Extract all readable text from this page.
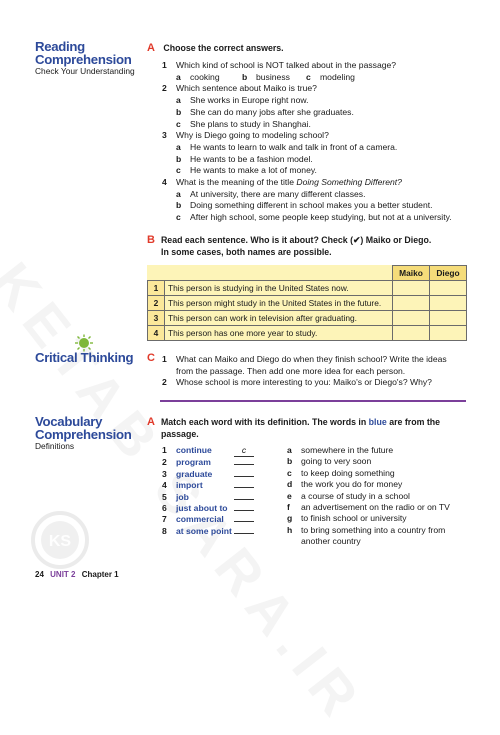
Reading
Comprehension
Check Your Understanding
A Choose the correct answers.
1 Which kind of school is NOT talked about in the passage?
a cooking	b business c modeling
2 Which sentence about Maiko is true?
a She works in Europe right now.
b She can do many jobs after she graduates.
c She plans to study in Shanghai.
3 Why is Diego going to modeling school?
a He wants to learn to walk and talk in front of a camera.
b He wants to be a fashion model.
c He wants to make a lot of money.
4 What is the meaning of the title Doing Something Different?
a At university, there are many different classes.
b Doing something different in school makes you a better student.
c After high school, some people keep studying, but not at a university.
B Read each sentence. Who is it about? Check (✔) Maiko or Diego.
In some cases, both names are possible.
		Maiko	Diego
1	This person is studying in the United States now.		
2	This person might study in the United States in the future.		
3	This person can work in television after graduating.		
4	This person has one more year to study.		
Critical Thinking C 1 What can Maiko and Diego do when they finish school? Write the ideas
from the passage. Then add one more idea for each person.
2 Whose school is more interesting to you: Maiko's or Diego's? Why?
Vocabulary
Comprehension
Definitions
A Match each word with its definition. The words in blue are from the
passage.
1 continue	c
2 program
3 graduate
4 import
5 job
6 just about to
7 commercial
8 at some point
a somewhere in the future
b going to very soon
c to keep doing something
d the work you do for money
e a course of study in a school
f an advertisement on the radio or on TV
g to finish school or university
h to bring something into a country from
another country
KS
24 UNIT 2 Chapter 1
